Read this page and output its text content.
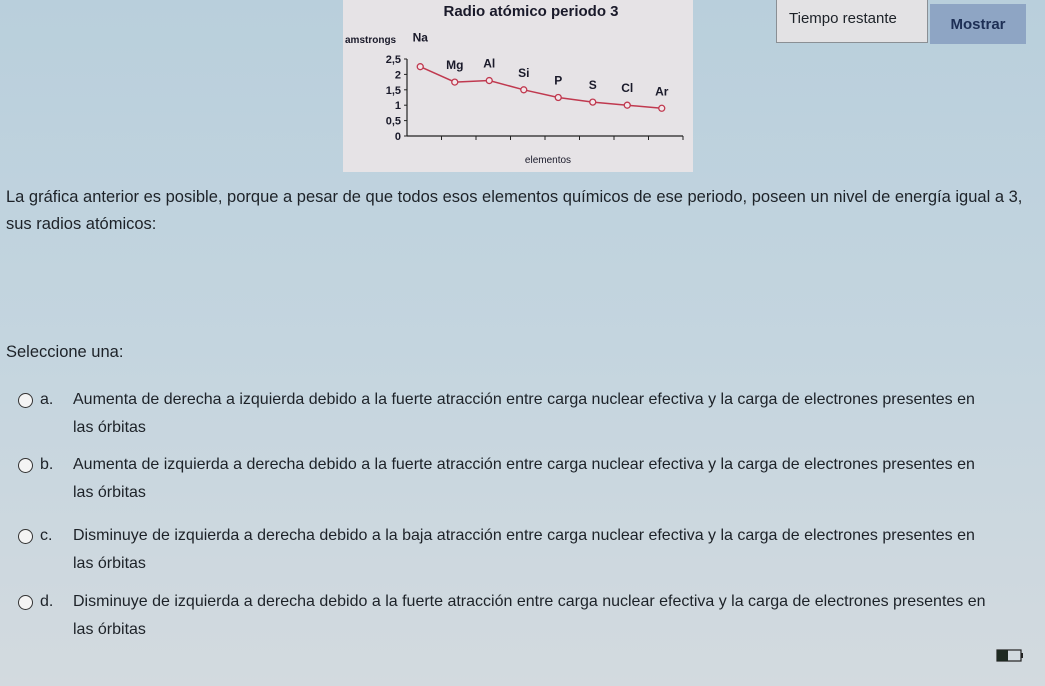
Radio atómico periodo 3
amstrongs
elementos
0
0,5
1
1,5
2
2,5
Na
Mg Al
Si
P S Cl Ar
Tiempo restante	Mostrar
La gráfica anterior es posible, porque a pesar de que todos esos elementos químicos de ese periodo, poseen un nivel de energía igual a 3, sus radios atómicos:
Seleccione una:
a. Aumenta de derecha a izquierda debido a la fuerte atracción entre carga nuclear efectiva y la carga de electrones presentes en las órbitas
b. Aumenta de izquierda a derecha debido a la fuerte atracción entre carga nuclear efectiva y la carga de electrones presentes en las órbitas
c. Disminuye de izquierda a derecha debido a la baja atracción entre carga nuclear efectiva y la carga de electrones presentes en las órbitas
d. Disminuye de izquierda a derecha debido a la fuerte atracción entre carga nuclear efectiva y la carga de electrones presentes en las órbitas
